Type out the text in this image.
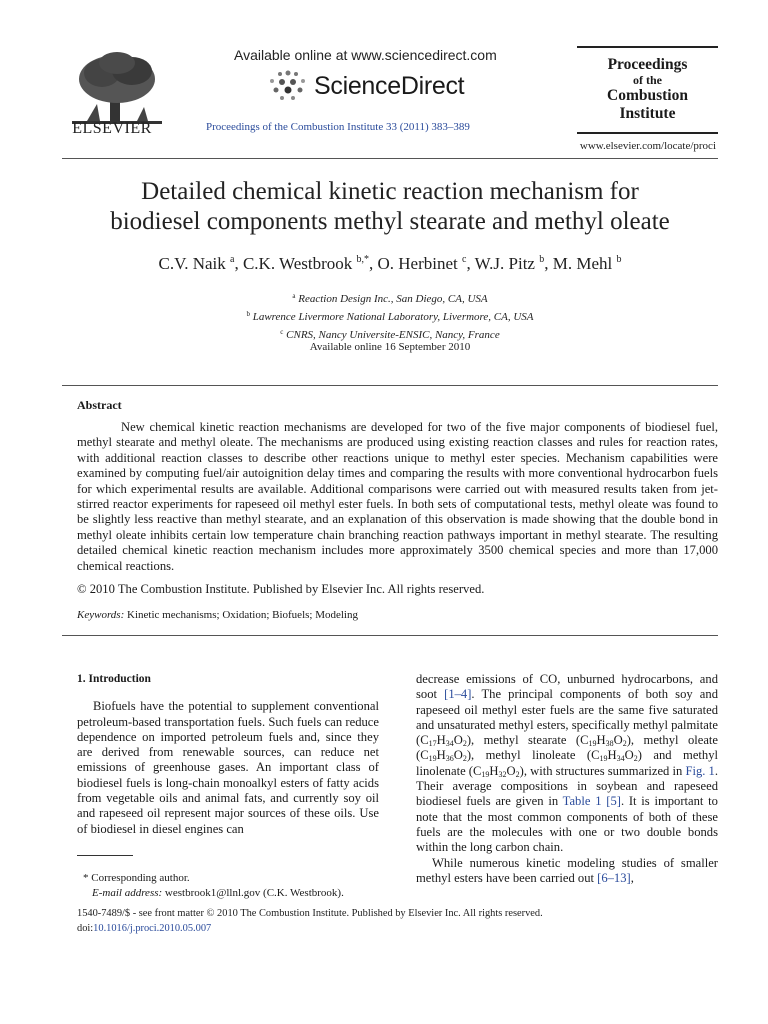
ELSEVIER
Available online at www.sciencedirect.com
ScienceDirect
Proceedings of the Combustion Institute 33 (2011) 383–389
Proceedings
of the
Combustion
Institute
www.elsevier.com/locate/proci
Detailed chemical kinetic reaction mechanism for
biodiesel components methyl stearate and methyl oleate
C.V. Naik $^a$, C.K. Westbrook $^{b,*}$, O. Herbinet $^c$, W.J. Pitz $^b$, M. Mehl $^b$
$^a$ Reaction Design Inc., San Diego, CA, USA
$^b$ Lawrence Livermore National Laboratory, Livermore, CA, USA
$^c$ CNRS, Nancy Universite-ENSIC, Nancy, France
Available online 16 September 2010
Abstract
New chemical kinetic reaction mechanisms are developed for two of the five major components of biodiesel fuel, methyl stearate and methyl oleate. The mechanisms are produced using existing reaction classes and rules for reaction rates, with additional reaction classes to describe other reactions unique to methyl ester species. Mechanism capabilities were examined by computing fuel/air autoignition delay times and comparing the results with more conventional hydrocarbon fuels for which experimental results are available. Additional comparisons were carried out with measured results taken from jet-stirred reactor experiments for rapeseed oil methyl ester fuels. In both sets of computational tests, methyl oleate was found to be slightly less reactive than methyl stearate, and an explanation of this observation is made showing that the double bond in methyl oleate inhibits certain low temperature chain branching reaction pathways important in methyl stearate. The resulting detailed chemical kinetic reaction mechanism includes more approximately 3500 chemical species and more than 17,000 chemical reactions.
© 2010 The Combustion Institute. Published by Elsevier Inc. All rights reserved.
Keywords: Kinetic mechanisms; Oxidation; Biofuels; Modeling
1. Introduction

Biofuels have the potential to supplement conventional petroleum-based transportation fuels. Such fuels can reduce dependence on imported petroleum fuels and, since they are derived from renewable sources, can reduce net emissions of greenhouse gases. An important class of biodiesel fuels is long-chain monoalkyl esters of fatty acids from vegetable oils and animal fats, and currently soy oil and rapeseed oil represent major sources of these oils. Use of biodiesel in diesel engines can

* Corresponding author.
E-mail address: westbrook1@llnl.gov (C.K. Westbrook).

decrease emissions of CO, unburned hydrocarbons, and soot [1–4]. The principal components of both soy and rapeseed oil methyl ester fuels are the same five saturated and unsaturated methyl esters, specifically methyl palmitate $(C_{17}H_{34}O_2)$, methyl stearate $(C_{19}H_{38}O_2)$, methyl oleate $(C_{19}H_{36}O_2)$, methyl linoleate $(C_{19}H_{34}O_2)$ and methyl linolenate $(C_{19}H_{32}O_2)$, with structures summarized in Fig. 1. Their average compositions in soybean and rapeseed biodiesel fuels are given in Table 1 [5]. It is important to note that the most common components of both of these fuels are the molecules with one or two double bonds within the long carbon chain.

While numerous kinetic modeling studies of smaller methyl esters have been carried out [6–13],

1540-7489/$ - see front matter © 2010 The Combustion Institute. Published by Elsevier Inc. All rights reserved.
doi:10.1016/j.proci.2010.05.007
